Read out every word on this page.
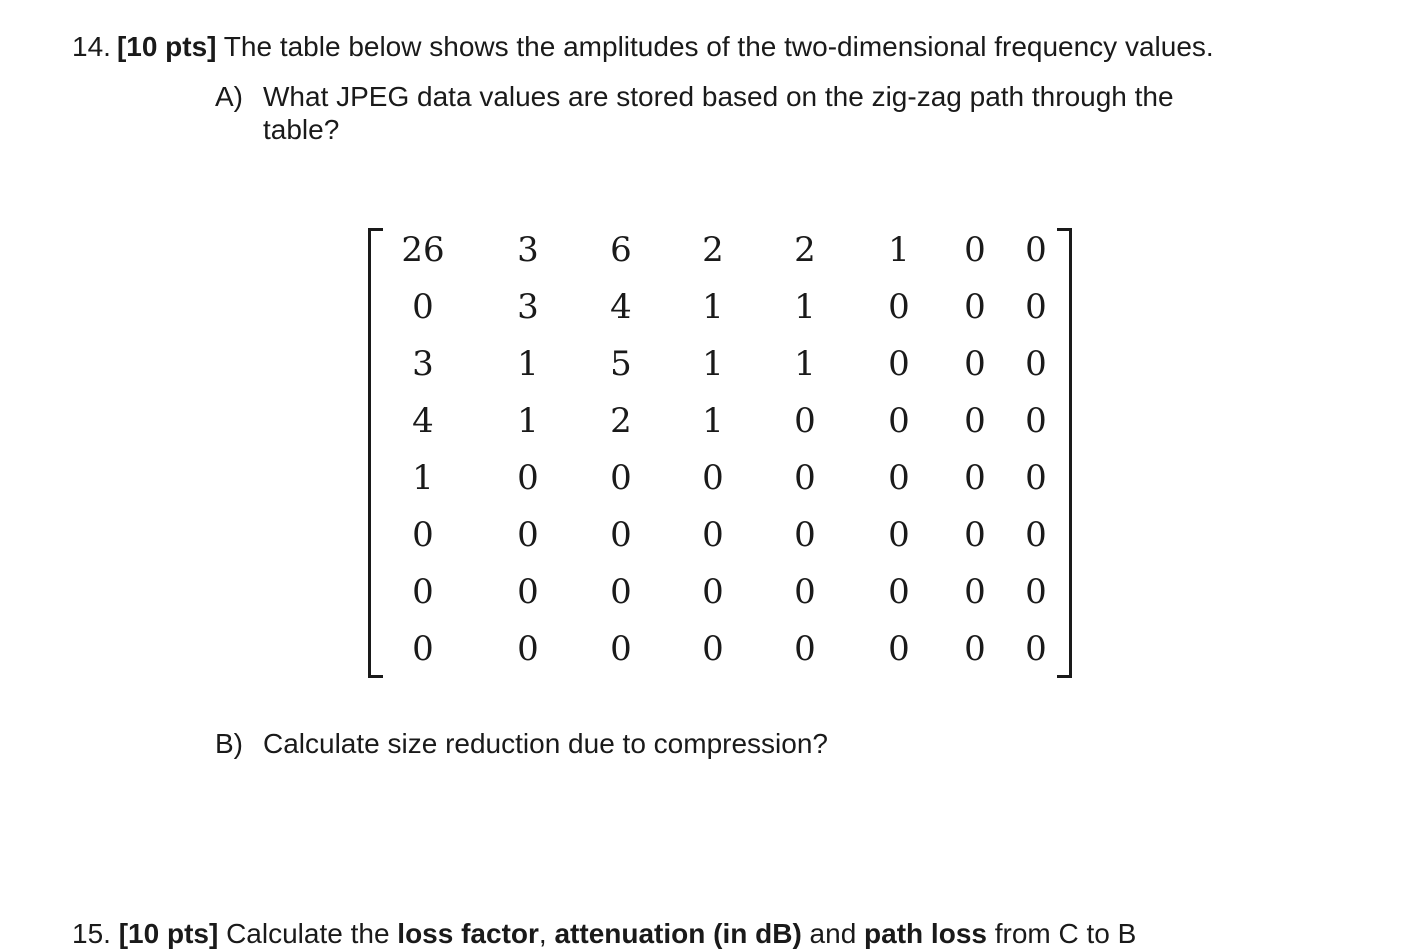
14. [10 pts] The table below shows the amplitudes of the two-dimensional frequency values.
A) What JPEG data values are stored based on the zig-zag path through the table?
26	3	6	2	2	1	0	0
0	3	4	1	1	0	0	0
3	1	5	1	1	0	0	0
4	1	2	1	0	0	0	0
1	0	0	0	0	0	0	0
0	0	0	0	0	0	0	0
0	0	0	0	0	0	0	0
0	0	0	0	0	0	0	0
B) Calculate size reduction due to compression?
15. [10 pts] Calculate the loss factor, attenuation (in dB) and path loss from C to B
